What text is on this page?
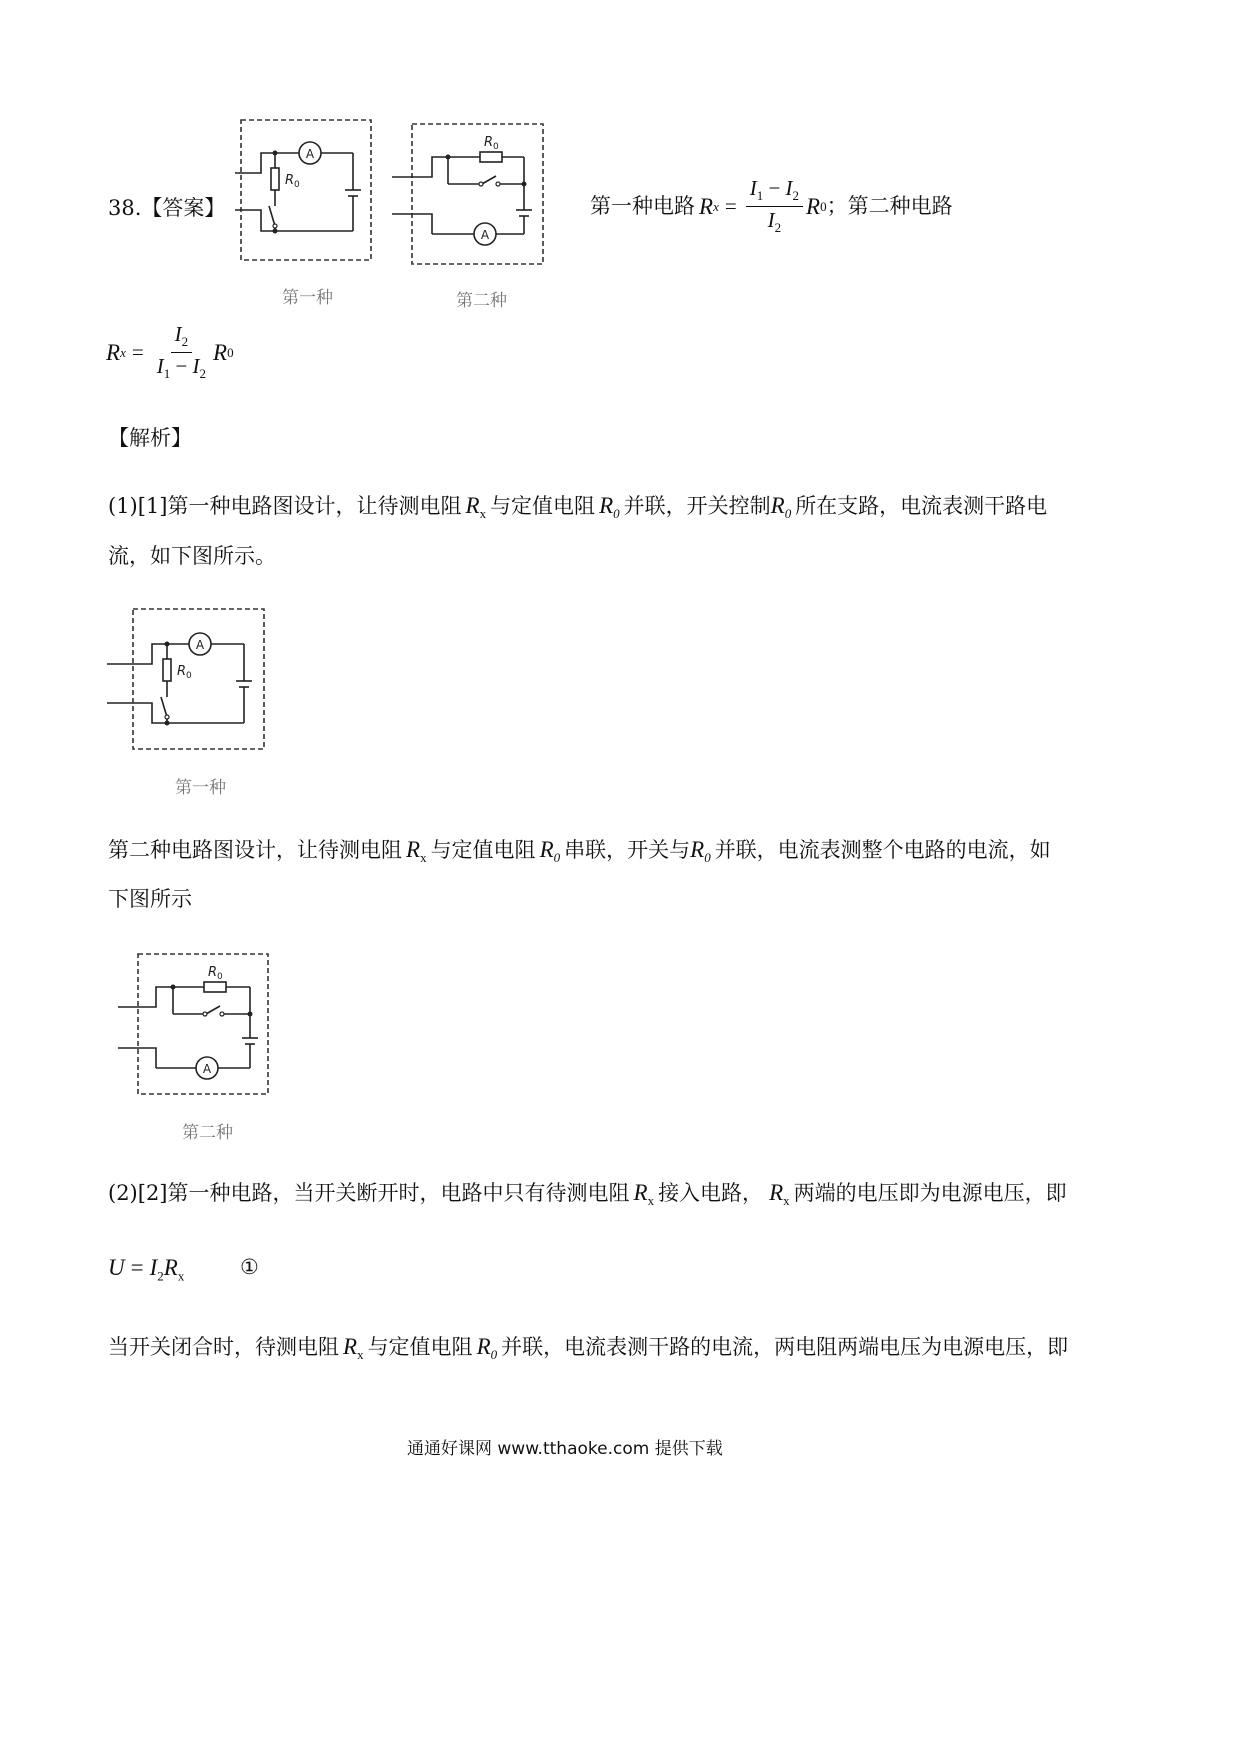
38.【答案】
A
R 0
第一种
A
R 0
第二种
第一种电路 R $x = \frac{I_1 - I_2}{I_2}$ R 0 ；第二种电路
R $x = \frac{I_2}{I_1 - I_2}$ R 0
【解析】
(1)[1]第一种电路图设计，让待测电阻 $R_x$ 与定值电阻 $R_0$ 并联，开关控制$R_0$ 所在支路，电流表测干路电
流，如下图所示。
A
R 0
第一种
第二种电路图设计，让待测电阻 $R_x$ 与定值电阻 $R_0$ 串联，开关与$R_0$ 并联，电流表测整个电路的电流，如
下图所示
A
R 0
第二种
(2)[2]第一种电路，当开关断开时，电路中只有待测电阻 $R_x$ 接入电路， $R_x$ 两端的电压即为电源电压，即
$U = I_2R_x$	①
当开关闭合时，待测电阻 $R_x$ 与定值电阻 $R_0$ 并联，电流表测干路的电流，两电阻两端电压为电源电压，即
通通好课网 www.tthaoke.com 提供下载
